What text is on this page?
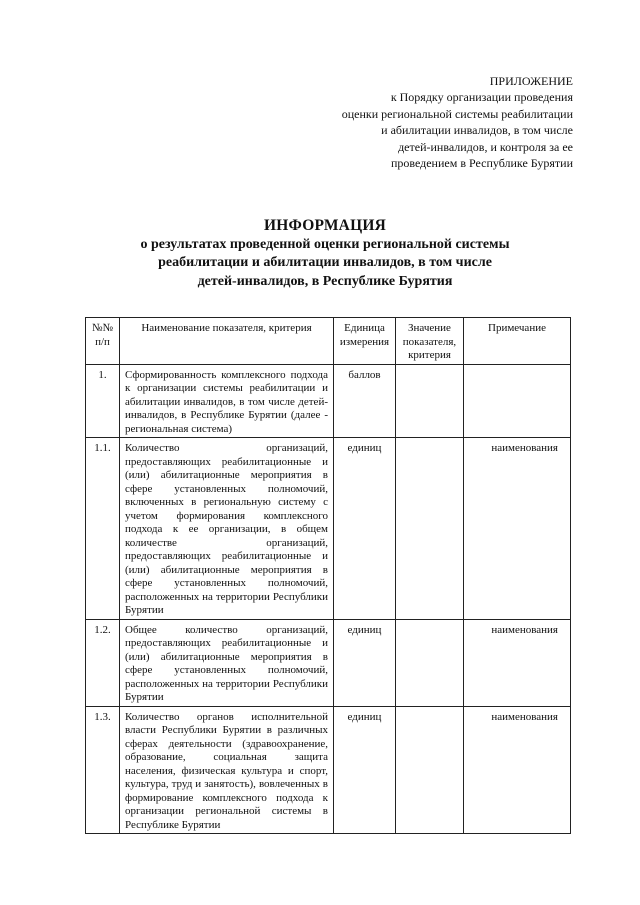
ПРИЛОЖЕНИЕ
к Порядку организации проведения
оценки региональной системы реабилитации
и абилитации инвалидов, в том числе
детей-инвалидов, и контроля за ее
проведением в Республике Бурятии
ИНФОРМАЦИЯ
о результатах проведенной оценки региональной системы
реабилитации и абилитации инвалидов, в том числе
детей-инвалидов, в Республике Бурятия
№№ п/п	Наименование показателя, критерия	Единица измерения	Значение показателя, критерия	Примечание
1.	Сформированность комплексного подхода к организации системы реабилитации и абилитации инвалидов, в том числе детей-инвалидов, в Республике Бурятии (далее - региональная система)	баллов		
1.1.	Количество организаций, предоставляющих реабилитационные и (или) абилитационные мероприятия в сфере установленных полномочий, включенных в региональную систему с учетом формирования комплексного подхода к ее организации, в общем количестве организаций, предоставляющих реабилитационные и (или) абилитационные мероприятия в сфере установленных полномочий, расположенных на территории Республики Бурятии	единиц		наименования
1.2.	Общее количество организаций, предоставляющих реабилитационные и (или) абилитационные мероприятия в сфере установленных полномочий, расположенных на территории Республики Бурятии	единиц		наименования
1.3.	Количество органов исполнительной власти Республики Бурятии в различных сферах деятельности (здравоохранение, образование, социальная защита населения, физическая культура и спорт, культура, труд и занятость), вовлеченных в формирование комплексного подхода к организации региональной системы в Республике Бурятии	единиц		наименования
